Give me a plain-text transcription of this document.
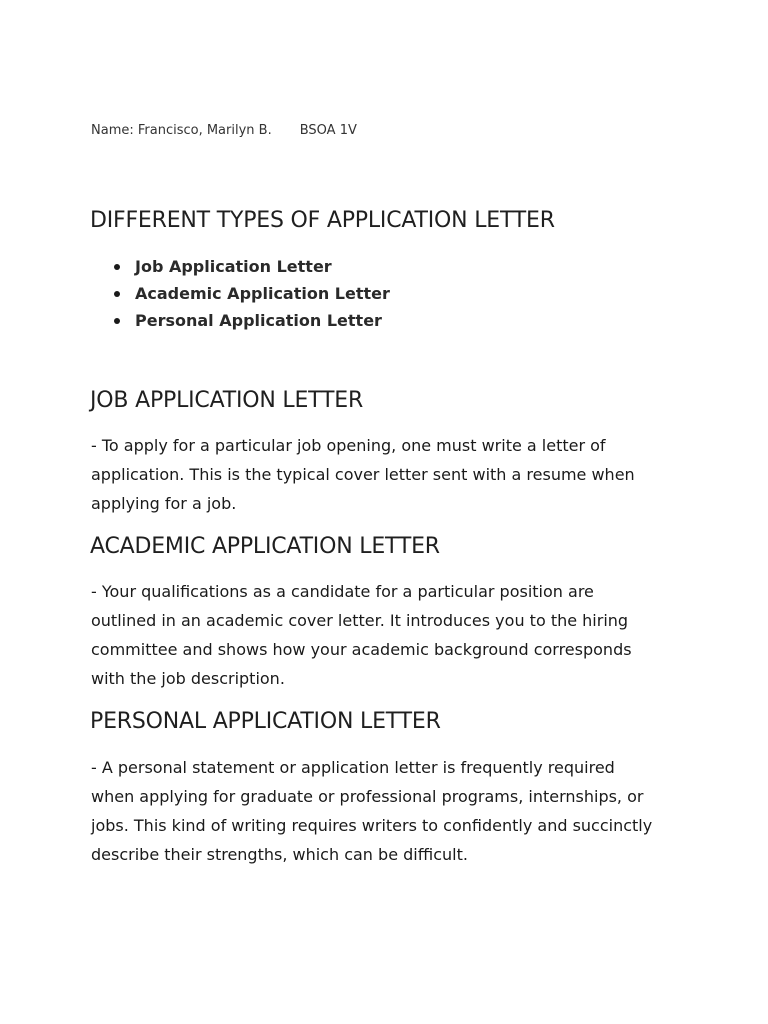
Name: Francisco, Marilyn B. BSOA 1V
DIFFERENT TYPES OF APPLICATION LETTER
Job Application Letter
Academic Application Letter
Personal Application Letter
JOB APPLICATION LETTER
- To apply for a particular job opening, one must write a letter of
application. This is the typical cover letter sent with a resume when
applying for a job.
ACADEMIC APPLICATION LETTER
- Your qualifications as a candidate for a particular position are
outlined in an academic cover letter. It introduces you to the hiring
committee and shows how your academic background corresponds
with the job description.
PERSONAL APPLICATION LETTER
- A personal statement or application letter is frequently required
when applying for graduate or professional programs, internships, or
jobs. This kind of writing requires writers to confidently and succinctly
describe their strengths, which can be difficult.
